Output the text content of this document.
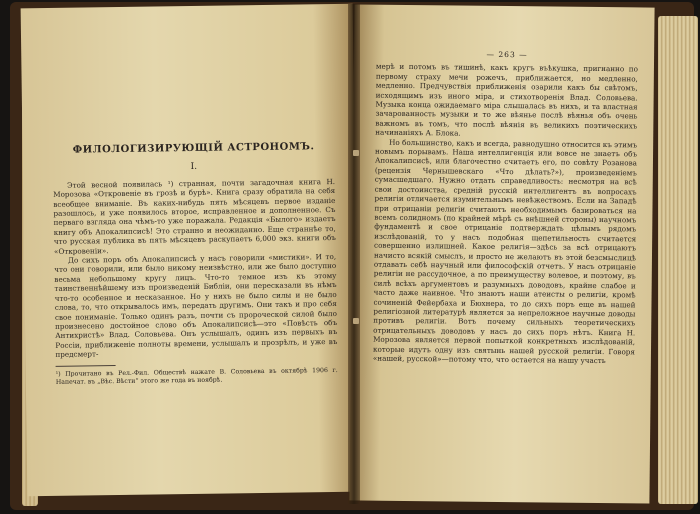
ФИЛОЛОГИЗИРУЮЩІЙ АСТРОНОМЪ.

I.

Этой весной появилась ¹) странная, почти загадочная книга Н. Морозова «Откровеніе въ грозѣ и бурѣ». Книга сразу обратила на себя всеобщее вниманіе. Въ каких-нибудь пять мѣсяцевъ первое изданіе разошлось, и уже появилось второе, исправленное и дополненное. Съ перваго взгляда она чѣмъ-то уже поражала. Редакція «Былого» издаетъ книгу объ Апокалипсисѣ! Это странно и неожиданно. Еще страннѣе то, что русская публика въ пять мѣсяцевъ раскупаетъ 6,000 экз. книги объ «Откровеніи».

До сихъ поръ объ Апокалипсисѣ у насъ говорили «мистики». И то, что они говорили, или было никому неизвѣстно, или же было доступно весьма небольшому кругу лицъ. Что-то темное изъ къ этому таинственнѣйшему изъ произведеній Библіи, они пересказали въ нѣмъ что-то особенное и несказанное. Но у нихъ не было силы и не было слова, то, что открывалось имъ, передать другимъ. Они такъ и про себя свое пониманіе. Только одинъ разъ, почти съ пророческой силой было произнесено достойное слово объ Апокалипсисѣ—это «Повѣсть объ Антихристѣ» Влад. Соловьева. Онъ услышалъ, одинъ изъ первыхъ въ Россіи, приближеніе полноты времени, услышалъ и прозрѣлъ, и уже въ предсмерт-

¹) Прочитано въ Рел.-Фил. Обществѣ нажате В. Соловьева въ октябрѣ 1906 г. Напечат. въ „Вѣс. Вѣсти“ этого же года въ ноябрѣ.

— 263 —

мерѣ и потомъ въ тишинѣ, какъ кругъ въѣкушка, пригнанно по первому страху мечи рожечъ, приближается, но медленно, медленно. Предчувствія приближенія озарили какъ бы свѣтомъ, исходящимъ изъ иного міра, и стихотворенія Влад. Соловьева. Музыка конца ожидаемаго міра слышалась въ нихъ, и та властная зачарованность музыки и то же вѣянье послѣ вѣянья объ очень важномъ въ томъ, что послѣ вѣянія въ великихъ поэтическихъ начинаніяхъ А. Блока.

Но большинство, какъ и всегда, равнодушно относится къ этимъ новымъ порывамъ. Наша интеллигенція или вовсе не знаетъ объ Апокалипсисѣ, или благочестно считаетъ его, по совѣту Розанова (рецензія Чернышевскаго «Что дѣлать?»), произведеніемъ сумасшедшаго. Нужно отдать справедливость: несмотря на всѣ свои достоинства, средній русскій интеллигентъ въ вопросахъ религіи отличается изумительнымъ невѣжествомъ. Если на Западѣ при отрицаніи религіи считаютъ необходимымъ базироваться на всемъ солидномъ (по крайней мѣрѣ съ внѣшней стороны) научномъ фундаментѣ и свое отрицаніе подтверждать цѣлымъ рядомъ изслѣдованій, то у насъ подобная щепетильность считается совершенно излишней. Какое религія—здѣсь за всѣ отрицаютъ начисто всякій смыслъ, и просто не желаютъ въ этой безсмыслицѣ отдавать себѣ научный или философскій отчетъ. У насъ отрицаніе религіи не рассудочное, а по преимуществу волевое, и поэтому, въ силѣ всѣхъ аргументовъ и разумныхъ доводовъ, крайне слабое и часто даже наивное. Что знаютъ наши атеисты о религіи, кромѣ сочиненій Фейербаха и Бюхнера, то до сихъ поръ еще въ нашей религіозной литературѣ является за непреложное научные доводы противъ религіи. Вотъ почему сильныхъ теоретическихъ отрицательныхъ доводовъ у насъ до сихъ поръ нѣтъ. Книга Н. Морозова является первой попыткой конкретныхъ изслѣдованій, которые идутъ одну изъ святынь нашей русской религіи. Говоря «нашей, русской»—потому что, что остается на нашу участь
